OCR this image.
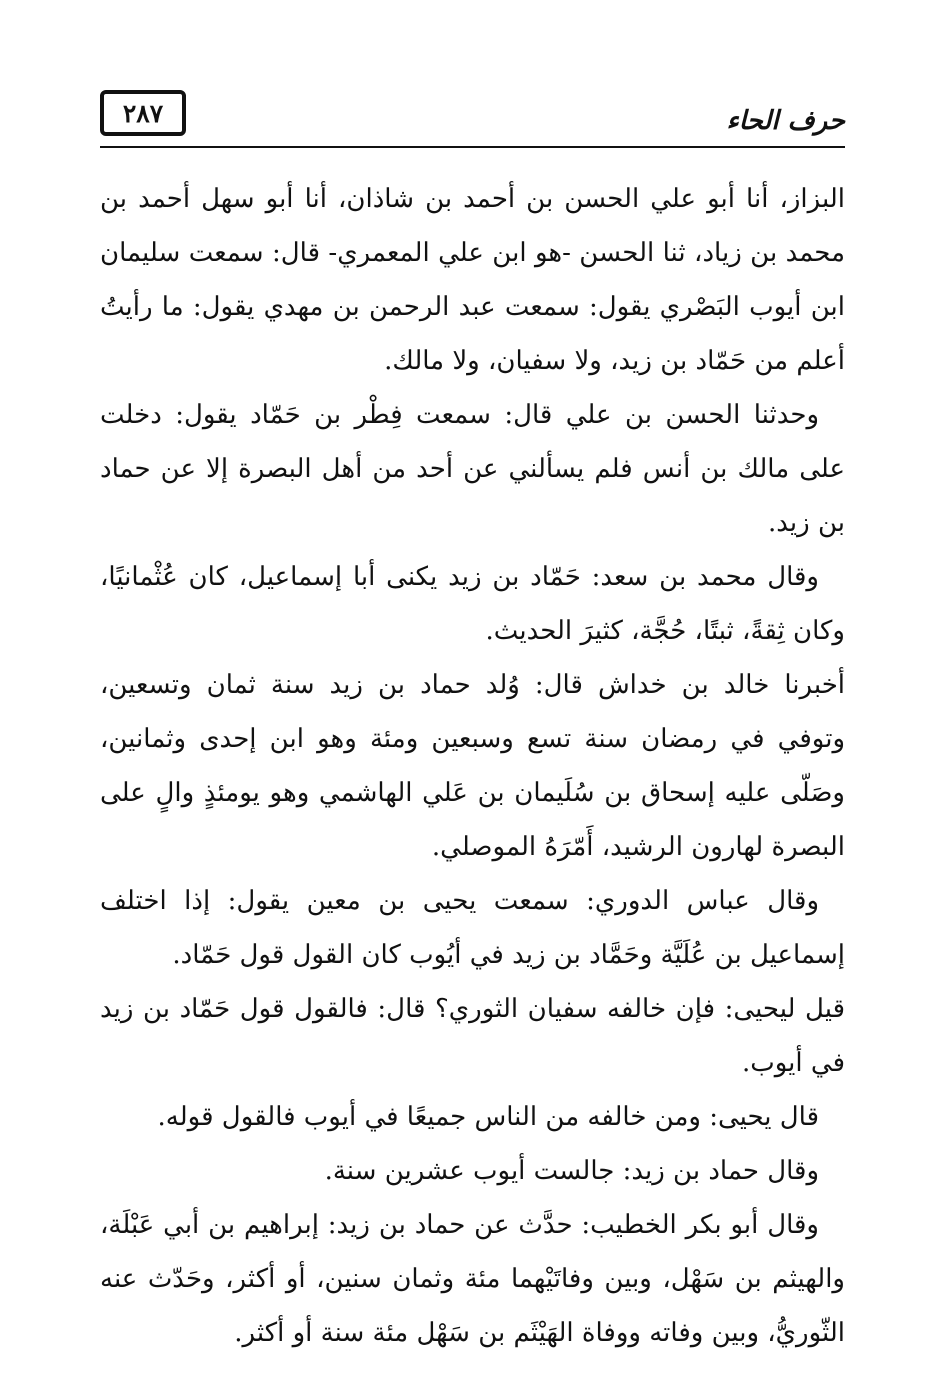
حرف الحاء
٢٨٧

البزاز، أنا أبو علي الحسن بن أحمد بن شاذان، أنا أبو سهل أحمد بن محمد بن زياد، ثنا الحسن -هو ابن علي المعمري- قال: سمعت سليمان ابن أيوب البَصْري يقول: سمعت عبد الرحمن بن مهدي يقول: ما رأيتُ أعلم من حَمّاد بن زيد، ولا سفيان، ولا مالك.

وحدثنا الحسن بن علي قال: سمعت فِطْر بن حَمّاد يقول: دخلت على مالك بن أنس فلم يسألني عن أحد من أهل البصرة إلا عن حماد بن زيد.

وقال محمد بن سعد: حَمّاد بن زيد يكنى أبا إسماعيل، كان عُثْمانيًا، وكان ثِقةً، ثبتًا، حُجَّة، كثيرَ الحديث.

أخبرنا خالد بن خداش قال: وُلد حماد بن زيد سنة ثمان وتسعين، وتوفي في رمضان سنة تسع وسبعين ومئة وهو ابن إحدى وثمانين، وصَلّى عليه إسحاق بن سُلَيمان بن عَلي الهاشمي وهو يومئذٍ والٍ على البصرة لهارون الرشيد، أَمّرَهُ الموصلي.

وقال عباس الدوري: سمعت يحيى بن معين يقول: إذا اختلف إسماعيل بن عُلَيَّة وحَمَّاد بن زيد في أيُوب كان القول قول حَمّاد.

قيل ليحيى: فإن خالفه سفيان الثوري؟ قال: فالقول قول حَمّاد بن زيد في أيوب.

قال يحيى: ومن خالفه من الناس جميعًا في أيوب فالقول قوله.

وقال حماد بن زيد: جالست أيوب عشرين سنة.

وقال أبو بكر الخطيب: حدَّث عن حماد بن زيد: إبراهيم بن أبي عَبْلَة، والهيثم بن سَهْل، وبين وفاتَيْهما مئة وثمان سنين، أو أكثر، وحَدّث عنه الثّوريُّ، وبين وفاته ووفاة الهَيْثَم بن سَهْل مئة سنة أو أكثر.
